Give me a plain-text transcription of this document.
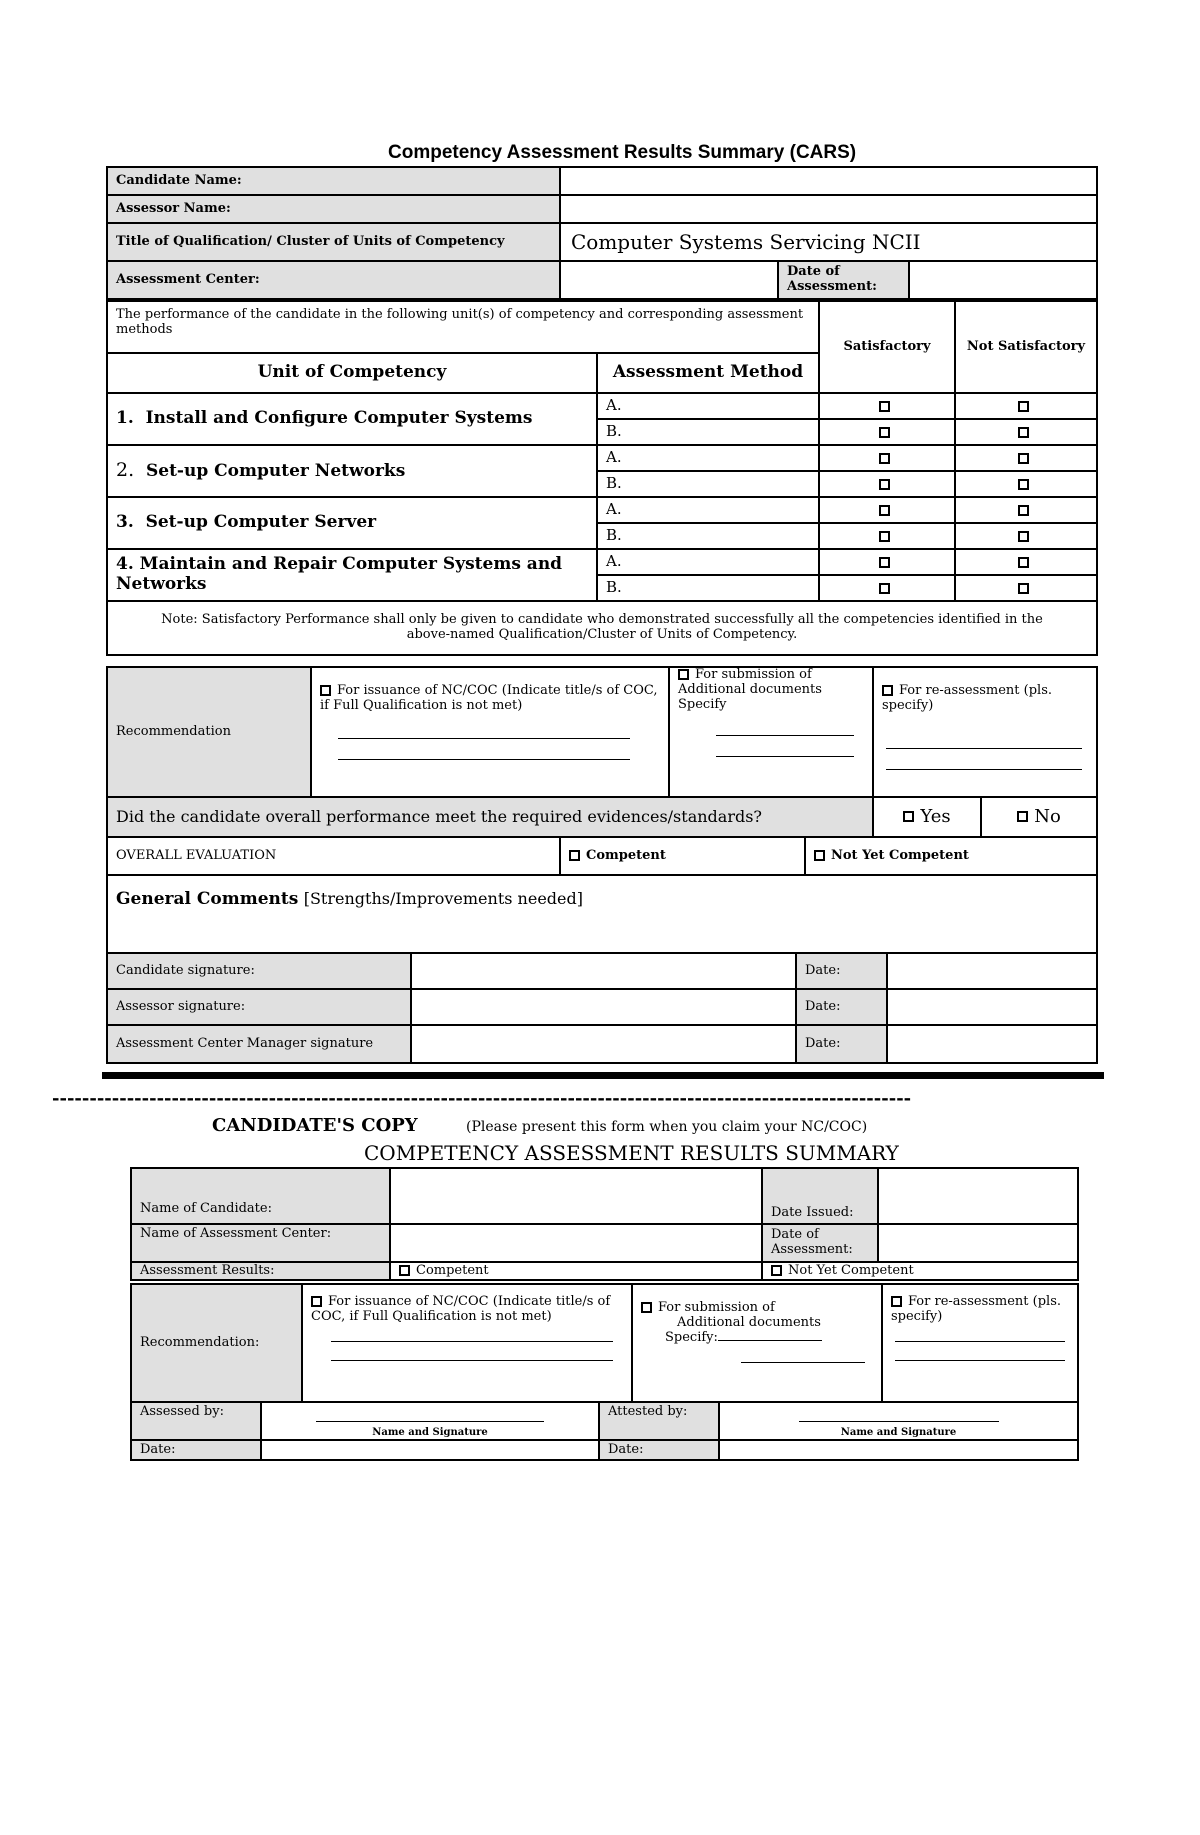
Competency Assessment Results Summary (CARS)
Candidate Name:			
Assessor Name:			
Title of Qualification/ Cluster of Units of Competency	Computer Systems Servicing NCII		
Assessment Center:		Date of Assessment:	
The performance of the candidate in the following unit(s) of competency and corresponding assessment methods		Satisfactory	Not Satisfactory
Unit of Competency	Assessment Method		
1. Install and Configure Computer Systems	A.		
	B.		
2. Set-up Computer Networks	A.		
	B.		
3. Set-up Computer Server	A.		
	B.		
4. Maintain and Repair Computer Systems and Networks	A.		
	B.		
Note: Satisfactory Performance shall only be given to candidate who demonstrated successfully all the competencies identified in the above-named Qualification/Cluster of Units of Competency.			
Recommendation	For issuance of NC/COC (Indicate title/s of COC, if Full Qualification is not met)
	For submission of Additional documents Specify
	For re-assessment (pls. specify)
Did the candidate overall performance meet the required evidences/standards?	Yes	No
OVERALL EVALUATION	Competent	Not Yet Competent
General Comments [Strengths/Improvements needed]
Candidate signature:		Date:	
Assessor signature:		Date:	
Assessment Center Manager signature		Date:	
-------------------------------------------------------------------------------------------------------------------
CANDIDATE'S COPY	(Please present this form when you claim your NC/COC)
COMPETENCY ASSESSMENT RESULTS SUMMARY
Name of Candidate:		Date Issued:	
Name of Assessment Center:		Date of Assessment:	
Assessment Results:	Competent	Not Yet Competent	
Recommendation:	For issuance of NC/COC (Indicate title/s of COC, if Full Qualification is not met)
	For submission of
Additional documents
Specify:
	For re-assessment (pls. specify)
Assessed by:	Name and Signature	Attested by:	Name and Signature
Date:		Date:	
